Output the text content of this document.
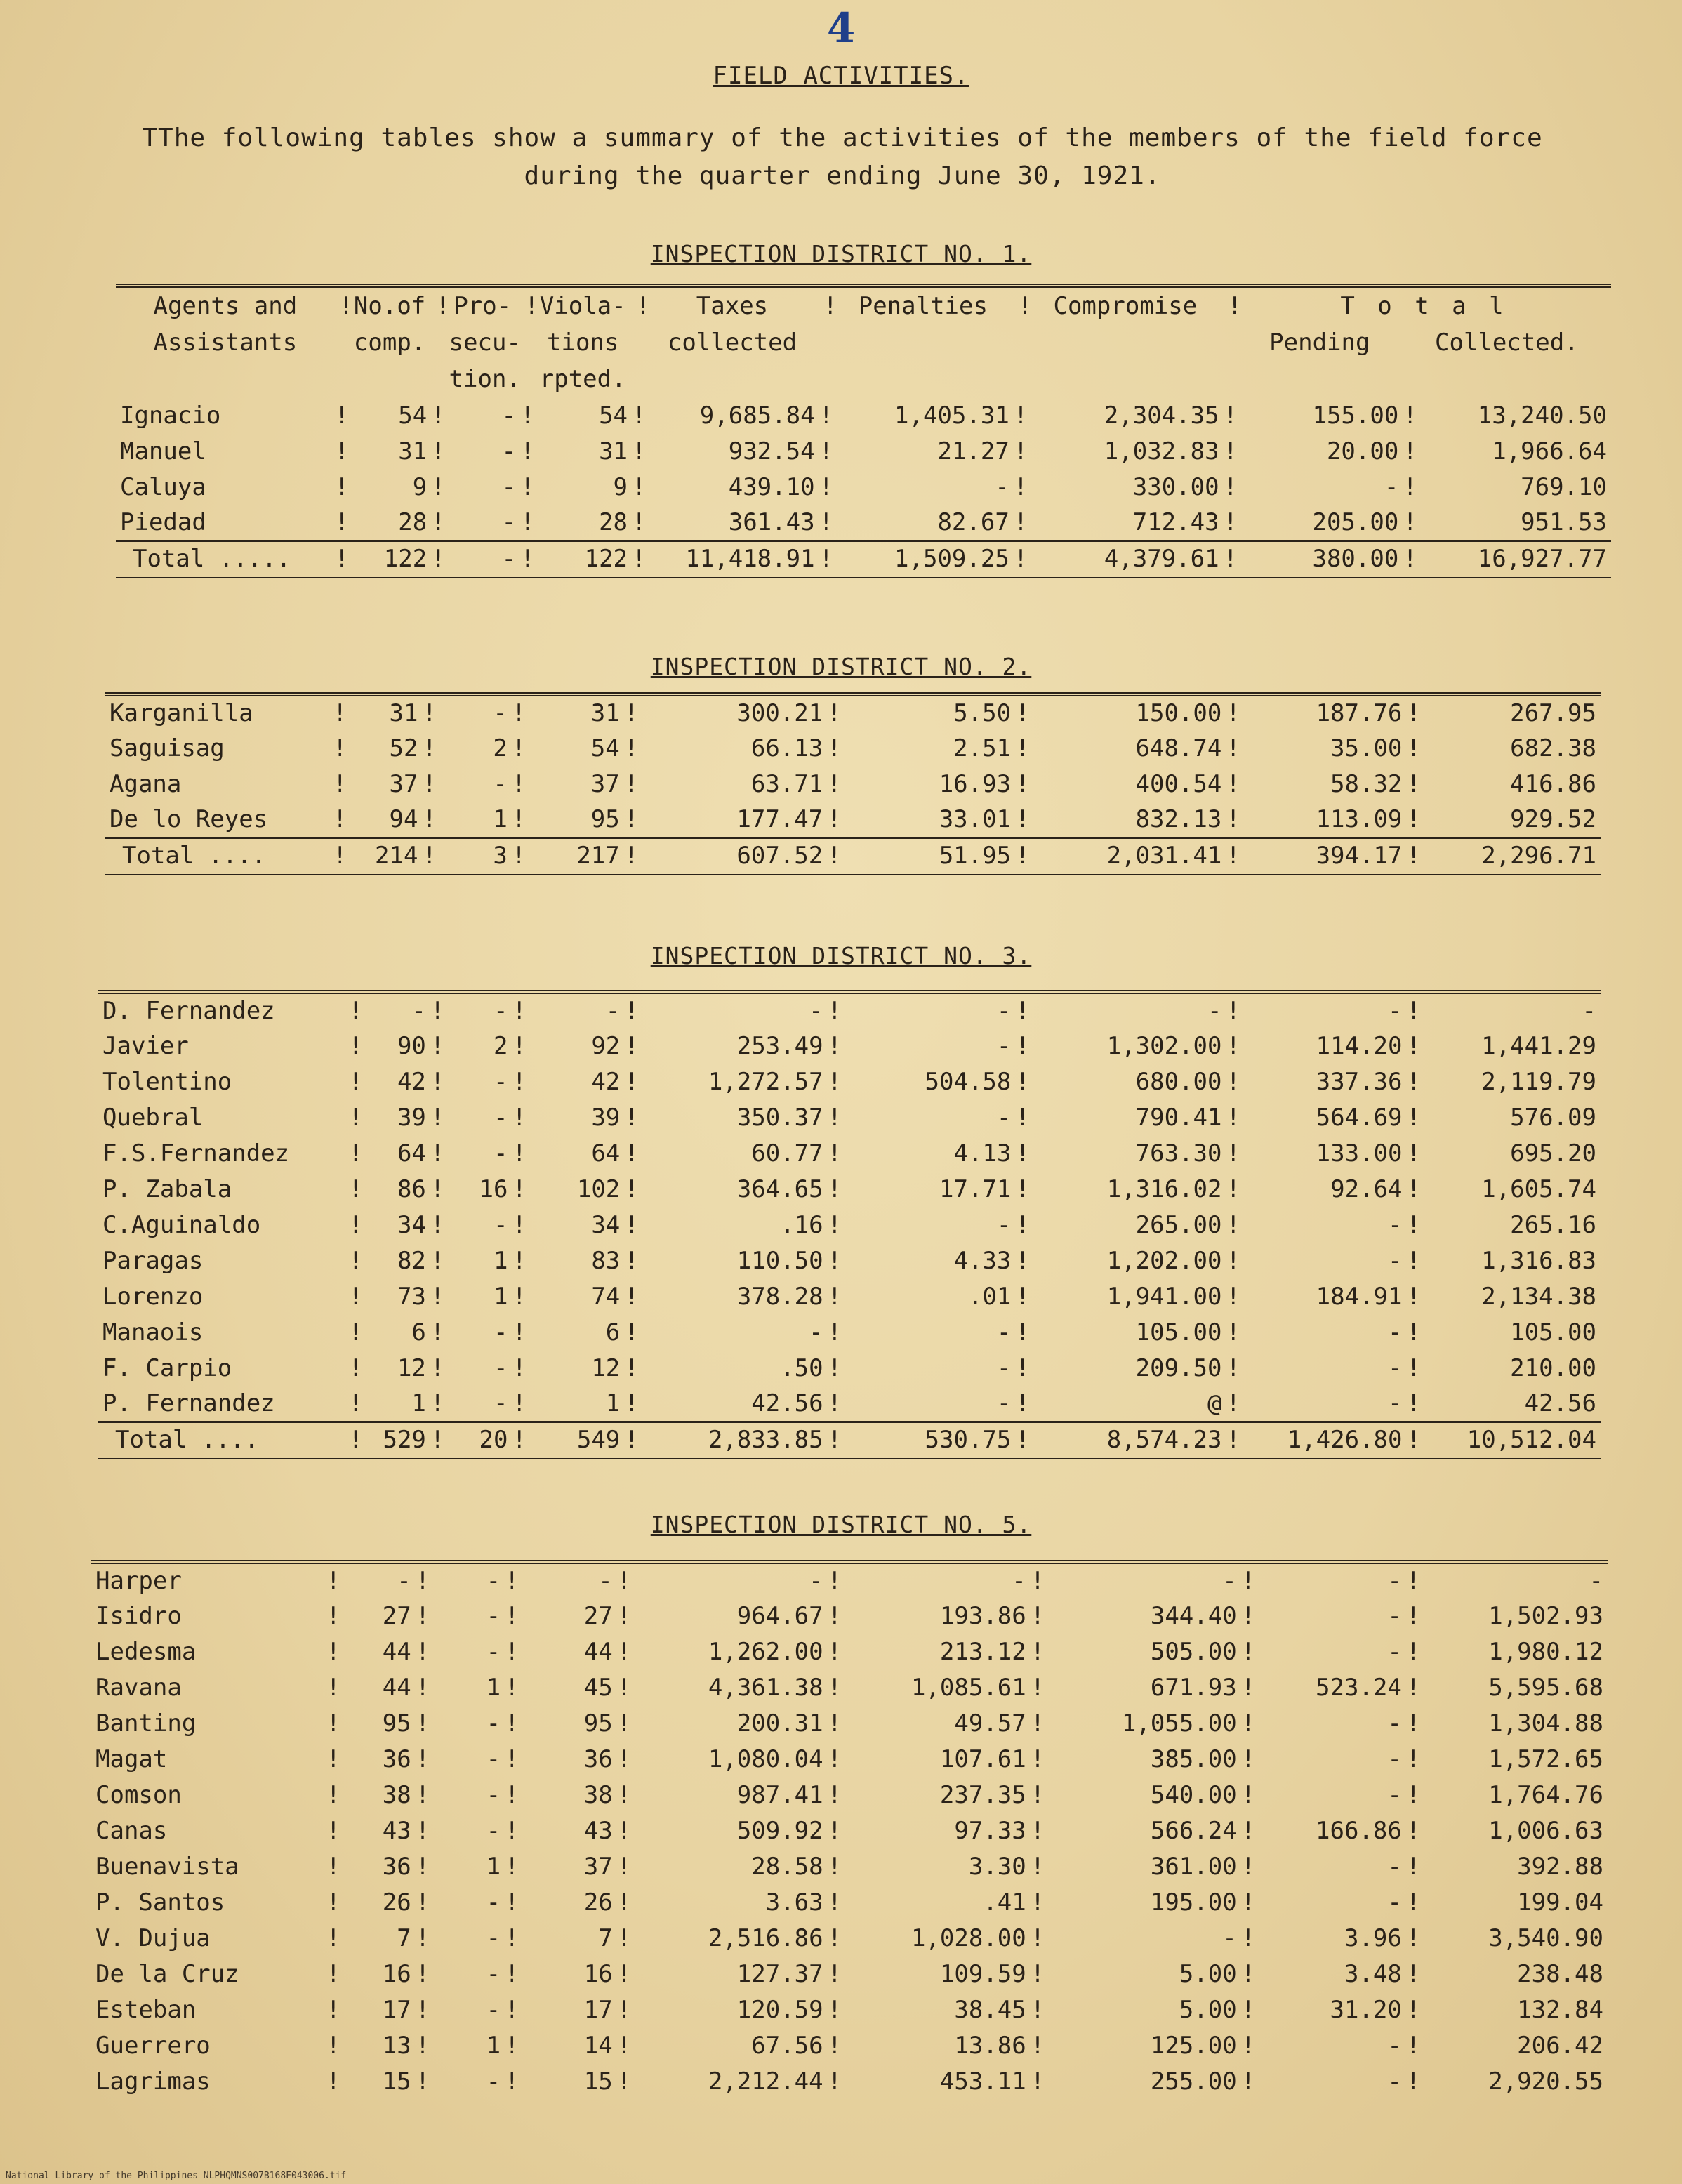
4
FIELD ACTIVITIES.
TThe following tables show a summary of the activities of the members of the field force during the quarter ending June 30, 1921.
INSPECTION DISTRICT NO. 1.
Agents and Assistants	!	No.of comp.	!	Pro- secu- tion.	!	Viola- tions rpted.	!	Taxes collected	!	Penalties	!	Compromise	!	T o t a l
Pending Collected.		

Ignacio	!	54	!	-	!	54	!	9,685.84	!	1,405.31	!	2,304.35	!	155.00	!	13,240.50
Manuel	!	31	!	-	!	31	!	932.54	!	21.27	!	1,032.83	!	20.00	!	1,966.64
Caluya	!	9	!	-	!	9	!	439.10	!	-	!	330.00	!	-	!	769.10
Piedad	!	28	!	-	!	28	!	361.43	!	82.67	!	712.43	!	205.00	!	951.53
Total .....	!	122	!	-	!	122	!	11,418.91	!	1,509.25	!	4,379.61	!	380.00	!	16,927.77
INSPECTION DISTRICT NO. 2.
Karganilla	!	31	!	-	!	31	!	300.21	!	5.50	!	150.00	!	187.76	!	267.95
Saguisag	!	52	!	2	!	54	!	66.13	!	2.51	!	648.74	!	35.00	!	682.38
Agana	!	37	!	-	!	37	!	63.71	!	16.93	!	400.54	!	58.32	!	416.86
De lo Reyes	!	94	!	1	!	95	!	177.47	!	33.01	!	832.13	!	113.09	!	929.52
Total ....	!	214	!	3	!	217	!	607.52	!	51.95	!	2,031.41	!	394.17	!	2,296.71
INSPECTION DISTRICT NO. 3.
D. Fernandez	!	-	!	-	!	-	!	-	!	-	!	-	!	-	!	-
Javier	!	90	!	2	!	92	!	253.49	!	-	!	1,302.00	!	114.20	!	1,441.29
Tolentino	!	42	!	-	!	42	!	1,272.57	!	504.58	!	680.00	!	337.36	!	2,119.79
Quebral	!	39	!	-	!	39	!	350.37	!	-	!	790.41	!	564.69	!	576.09
F.S.Fernandez	!	64	!	-	!	64	!	60.77	!	4.13	!	763.30	!	133.00	!	695.20
P. Zabala	!	86	!	16	!	102	!	364.65	!	17.71	!	1,316.02	!	92.64	!	1,605.74
C.Aguinaldo	!	34	!	-	!	34	!	.16	!	-	!	265.00	!	-	!	265.16
Paragas	!	82	!	1	!	83	!	110.50	!	4.33	!	1,202.00	!	-	!	1,316.83
Lorenzo	!	73	!	1	!	74	!	378.28	!	.01	!	1,941.00	!	184.91	!	2,134.38
Manaois	!	6	!	-	!	6	!	-	!	-	!	105.00	!	-	!	105.00
F. Carpio	!	12	!	-	!	12	!	.50	!	-	!	209.50	!	-	!	210.00
P. Fernandez	!	1	!	-	!	1	!	42.56	!	-	!	@	!	-	!	42.56
Total ....	!	529	!	20	!	549	!	2,833.85	!	530.75	!	8,574.23	!	1,426.80	!	10,512.04
INSPECTION DISTRICT NO. 5.
Harper	!	-	!	-	!	-	!	-	!	-	!	-	!	-	!	-
Isidro	!	27	!	-	!	27	!	964.67	!	193.86	!	344.40	!	-	!	1,502.93
Ledesma	!	44	!	-	!	44	!	1,262.00	!	213.12	!	505.00	!	-	!	1,980.12
Ravana	!	44	!	1	!	45	!	4,361.38	!	1,085.61	!	671.93	!	523.24	!	5,595.68
Banting	!	95	!	-	!	95	!	200.31	!	49.57	!	1,055.00	!	-	!	1,304.88
Magat	!	36	!	-	!	36	!	1,080.04	!	107.61	!	385.00	!	-	!	1,572.65
Comson	!	38	!	-	!	38	!	987.41	!	237.35	!	540.00	!	-	!	1,764.76
Canas	!	43	!	-	!	43	!	509.92	!	97.33	!	566.24	!	166.86	!	1,006.63
Buenavista	!	36	!	1	!	37	!	28.58	!	3.30	!	361.00	!	-	!	392.88
P. Santos	!	26	!	-	!	26	!	3.63	!	.41	!	195.00	!	-	!	199.04
V. Dujua	!	7	!	-	!	7	!	2,516.86	!	1,028.00	!	-	!	3.96	!	3,540.90
De la Cruz	!	16	!	-	!	16	!	127.37	!	109.59	!	5.00	!	3.48	!	238.48
Esteban	!	17	!	-	!	17	!	120.59	!	38.45	!	5.00	!	31.20	!	132.84
Guerrero	!	13	!	1	!	14	!	67.56	!	13.86	!	125.00	!	-	!	206.42
Lagrimas	!	15	!	-	!	15	!	2,212.44	!	453.11	!	255.00	!	-	!	2,920.55
National Library of the Philippines NLPHQMNS007B168F043006.tif
